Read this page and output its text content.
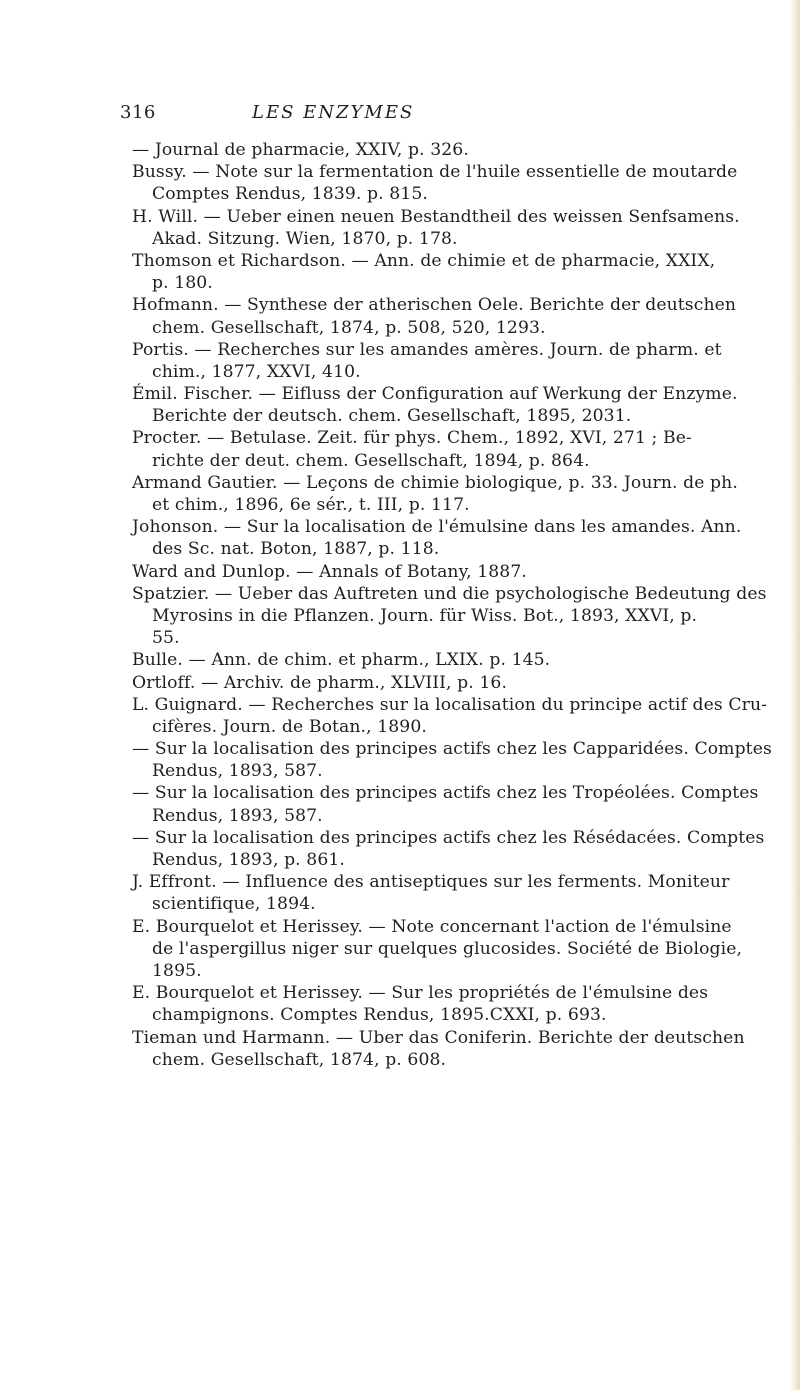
316	LES ENZYMES
— Journal de pharmacie, XXIV, p. 326.
Bussy. — Note sur la fermentation de l'huile essentielle de moutarde
Comptes Rendus, 1839. p. 815.
H. Will. — Ueber einen neuen Bestandtheil des weissen Senfsamens.
Akad. Sitzung. Wien, 1870, p. 178.
Thomson et Richardson. — Ann. de chimie et de pharmacie, XXIX,
p. 180.
Hofmann. — Synthese der atherischen Oele. Berichte der deutschen
chem. Gesellschaft, 1874, p. 508, 520, 1293.
Portis. — Recherches sur les amandes amères. Journ. de pharm. et
chim., 1877, XXVI, 410.
Émil. Fischer. — Eifluss der Configuration auf Werkung der Enzyme.
Berichte der deutsch. chem. Gesellschaft, 1895, 2031.
Procter. — Betulase. Zeit. für phys. Chem., 1892, XVI, 271 ; Be-
richte der deut. chem. Gesellschaft, 1894, p. 864.
Armand Gautier. — Leçons de chimie biologique, p. 33. Journ. de ph.
et chim., 1896, 6e sér., t. III, p. 117.
Johonson. — Sur la localisation de l'émulsine dans les amandes. Ann.
des Sc. nat. Boton, 1887, p. 118.
Ward and Dunlop. — Annals of Botany, 1887.
Spatzier. — Ueber das Auftreten und die psychologische Bedeutung des
Myrosins in die Pflanzen. Journ. für Wiss. Bot., 1893, XXVI, p.
55.
Bulle. — Ann. de chim. et pharm., LXIX. p. 145.
Ortloff. — Archiv. de pharm., XLVIII, p. 16.
L. Guignard. — Recherches sur la localisation du principe actif des Cru-
cifères. Journ. de Botan., 1890.
— Sur la localisation des principes actifs chez les Capparidées. Comptes
Rendus, 1893, 587.
— Sur la localisation des principes actifs chez les Tropéolées. Comptes
Rendus, 1893, 587.
— Sur la localisation des principes actifs chez les Résédacées. Comptes
Rendus, 1893, p. 861.
J. Effront. — Influence des antiseptiques sur les ferments. Moniteur
scientifique, 1894.
E. Bourquelot et Herissey. — Note concernant l'action de l'émulsine
de l'aspergillus niger sur quelques glucosides. Société de Biologie,
1895.
E. Bourquelot et Herissey. — Sur les propriétés de l'émulsine des
champignons. Comptes Rendus, 1895.CXXI, p. 693.
Tieman und Harmann. — Uber das Coniferin. Berichte der deutschen
chem. Gesellschaft, 1874, p. 608.
